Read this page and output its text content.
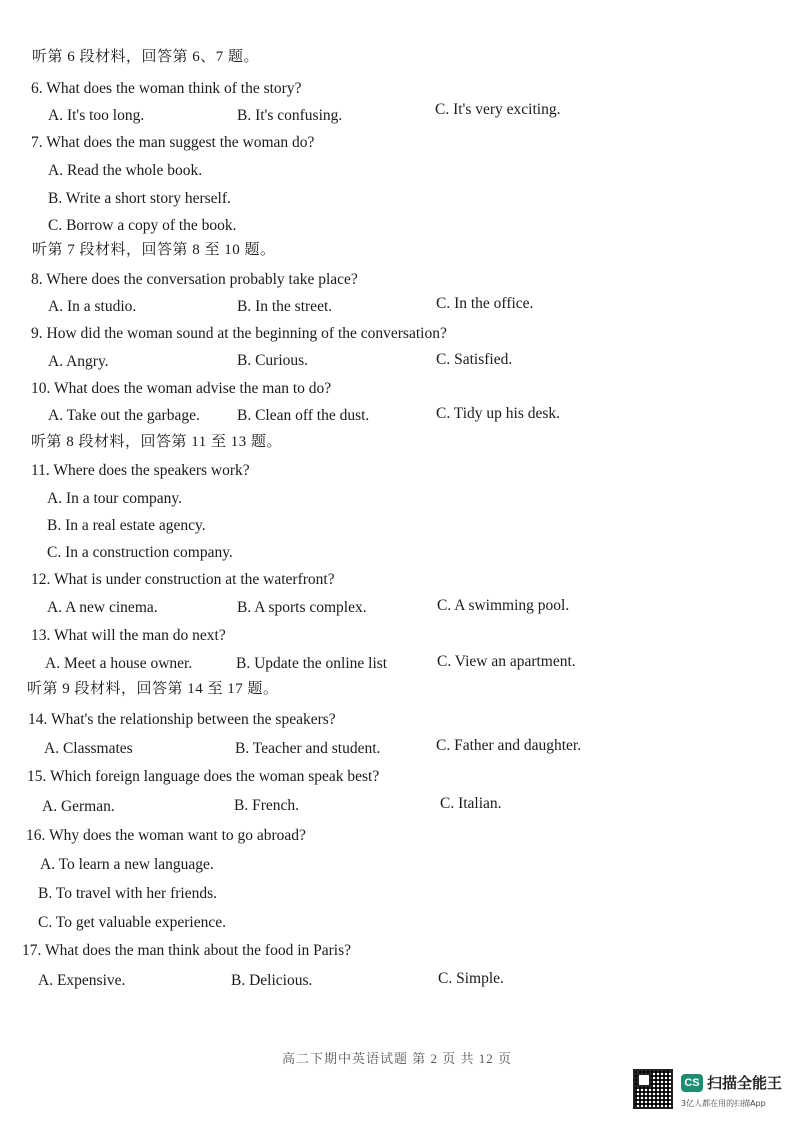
听第 6 段材料，回答第 6、7 题。
6. What does the woman think of the story?
A. It's too long.	B. It's confusing.	C. It's very exciting.
7. What does the man suggest the woman do?
A. Read the whole book.
B. Write a short story herself.
C. Borrow a copy of the book.
听第 7 段材料，回答第 8 至 10 题。
8. Where does the conversation probably take place?
A. In a studio.	B. In the street.	C. In the office.
9. How did the woman sound at the beginning of the conversation?
A. Angry.	B. Curious.	C. Satisfied.
10. What does the woman advise the man to do?
A. Take out the garbage. B. Clean off the dust.	C. Tidy up his desk.
听第 8 段材料，回答第 11 至 13 题。
11. Where does the speakers work?
A. In a tour company.
B. In a real estate agency.
C. In a construction company.
12. What is under construction at the waterfront?
A. A new cinema.	B. A sports complex.	C. A swimming pool.
13. What will the man do next?
A. Meet a house owner.	B. Update the online list	C. View an apartment.
听第 9 段材料，回答第 14 至 17 题。
14. What's the relationship between the speakers?
A. Classmates	B. Teacher and student.	C. Father and daughter.
15. Which foreign language does the woman speak best?
A. German.	B. French.	C. Italian.
16. Why does the woman want to go abroad?
A. To learn a new language.
B. To travel with her friends.
C. To get valuable experience.
17. What does the man think about the food in Paris?
A. Expensive.	B. Delicious.	C. Simple.
高二下期中英语试题 第 2 页 共 12 页
CS 扫描全能王
3亿人都在用的扫描App
